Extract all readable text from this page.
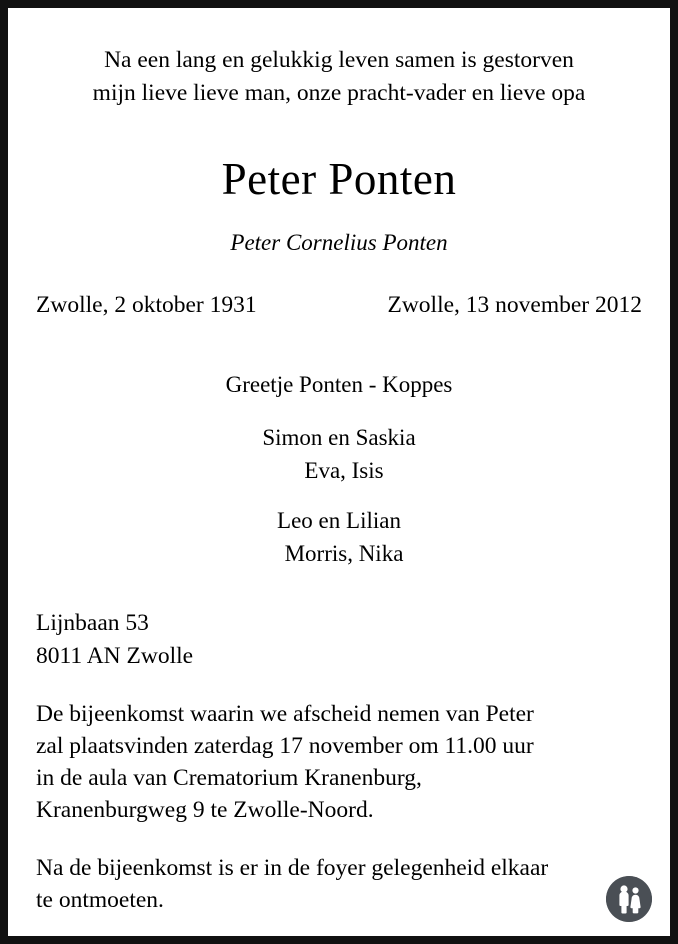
Na een lang en gelukkig leven samen is gestorven
mijn lieve lieve man, onze pracht-vader en lieve opa
Peter Ponten
Peter Cornelius Ponten
Zwolle, 2 oktober 1931	Zwolle, 13 november 2012
Greetje Ponten - Koppes
Simon en Saskia
Eva, Isis
Leo en Lilian
Morris, Nika
Lijnbaan 53
8011 AN Zwolle
De bijeenkomst waarin we afscheid nemen van Peter
zal plaatsvinden zaterdag 17 november om 11.00 uur
in de aula van Crematorium Kranenburg,
Kranenburgweg 9 te Zwolle-Noord.
Na de bijeenkomst is er in de foyer gelegenheid elkaar
te ontmoeten.
